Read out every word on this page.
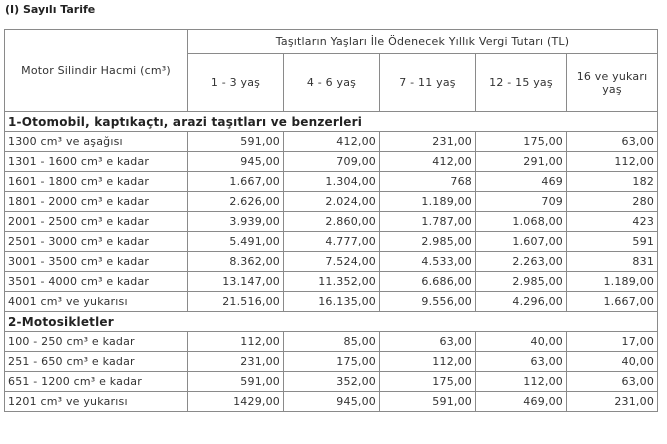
(I) Sayılı Tarife
Motor Silindir Hacmi (cm³)	Taşıtların Yaşları İle Ödenecek Yıllık Vergi Tutarı (TL)				
	1 - 3 yaş	4 - 6 yaş	7 - 11 yaş	12 - 15 yaş	16 ve yukarı yaş
1-Otomobil, kaptıkaçtı, arazi taşıtları ve benzerleri					
1300 cm³ ve aşağısı	591,00	412,00	231,00	175,00	63,00
1301 - 1600 cm³ e kadar	945,00	709,00	412,00	291,00	112,00
1601 - 1800 cm³ e kadar	1.667,00	1.304,00	768	469	182
1801 - 2000 cm³ e kadar	2.626,00	2.024,00	1.189,00	709	280
2001 - 2500 cm³ e kadar	3.939,00	2.860,00	1.787,00	1.068,00	423
2501 - 3000 cm³ e kadar	5.491,00	4.777,00	2.985,00	1.607,00	591
3001 - 3500 cm³ e kadar	8.362,00	7.524,00	4.533,00	2.263,00	831
3501 - 4000 cm³ e kadar	13.147,00	11.352,00	6.686,00	2.985,00	1.189,00
4001 cm³ ve yukarısı	21.516,00	16.135,00	9.556,00	4.296,00	1.667,00
2-Motosikletler					
100 - 250 cm³ e kadar	112,00	85,00	63,00	40,00	17,00
251 - 650 cm³ e kadar	231,00	175,00	112,00	63,00	40,00
651 - 1200 cm³ e kadar	591,00	352,00	175,00	112,00	63,00
1201 cm³ ve yukarısı	1429,00	945,00	591,00	469,00	231,00
